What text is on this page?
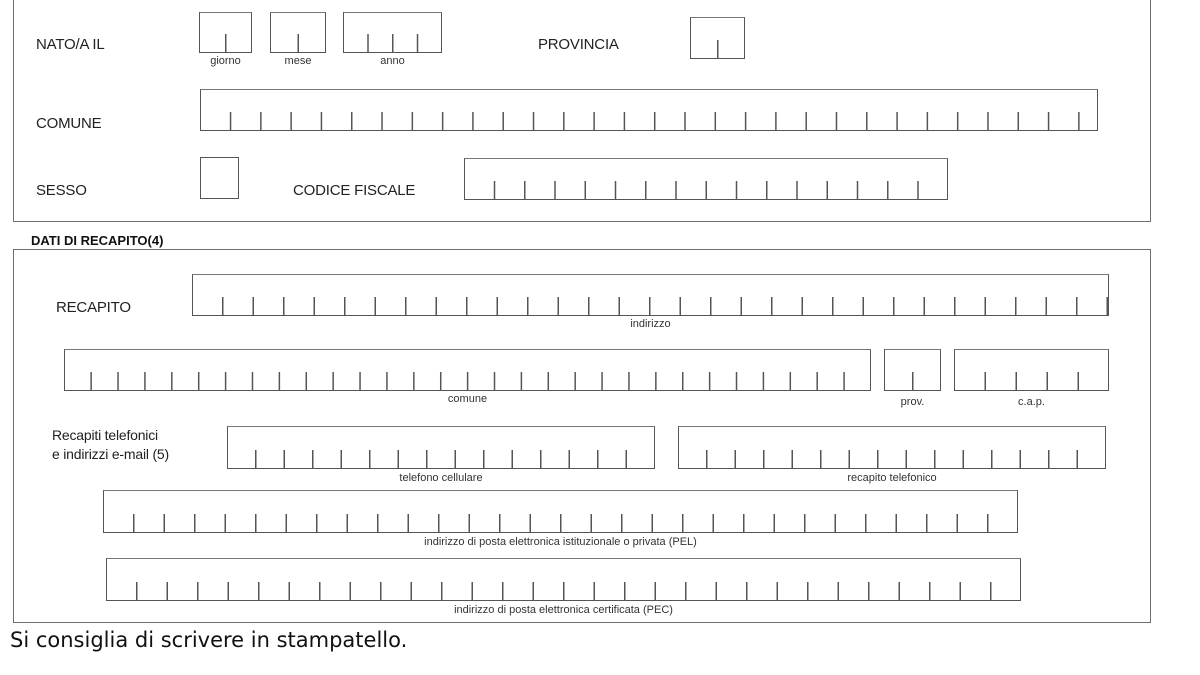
NATO/A IL
giorno	mese	anno
PROVINCIA
COMUNE
SESSO	CODICE FISCALE
DATI DI RECAPITO(4)
RECAPITO
indirizzo
comune	prov.	c.a.p.
Recapiti telefonici
e indirizzi e-mail (5)
telefono cellulare	recapito telefonico
indirizzo di posta elettronica istituzionale o privata (PEL)
indirizzo di posta elettronica certificata (PEC)
Si consiglia di scrivere in stampatello.
